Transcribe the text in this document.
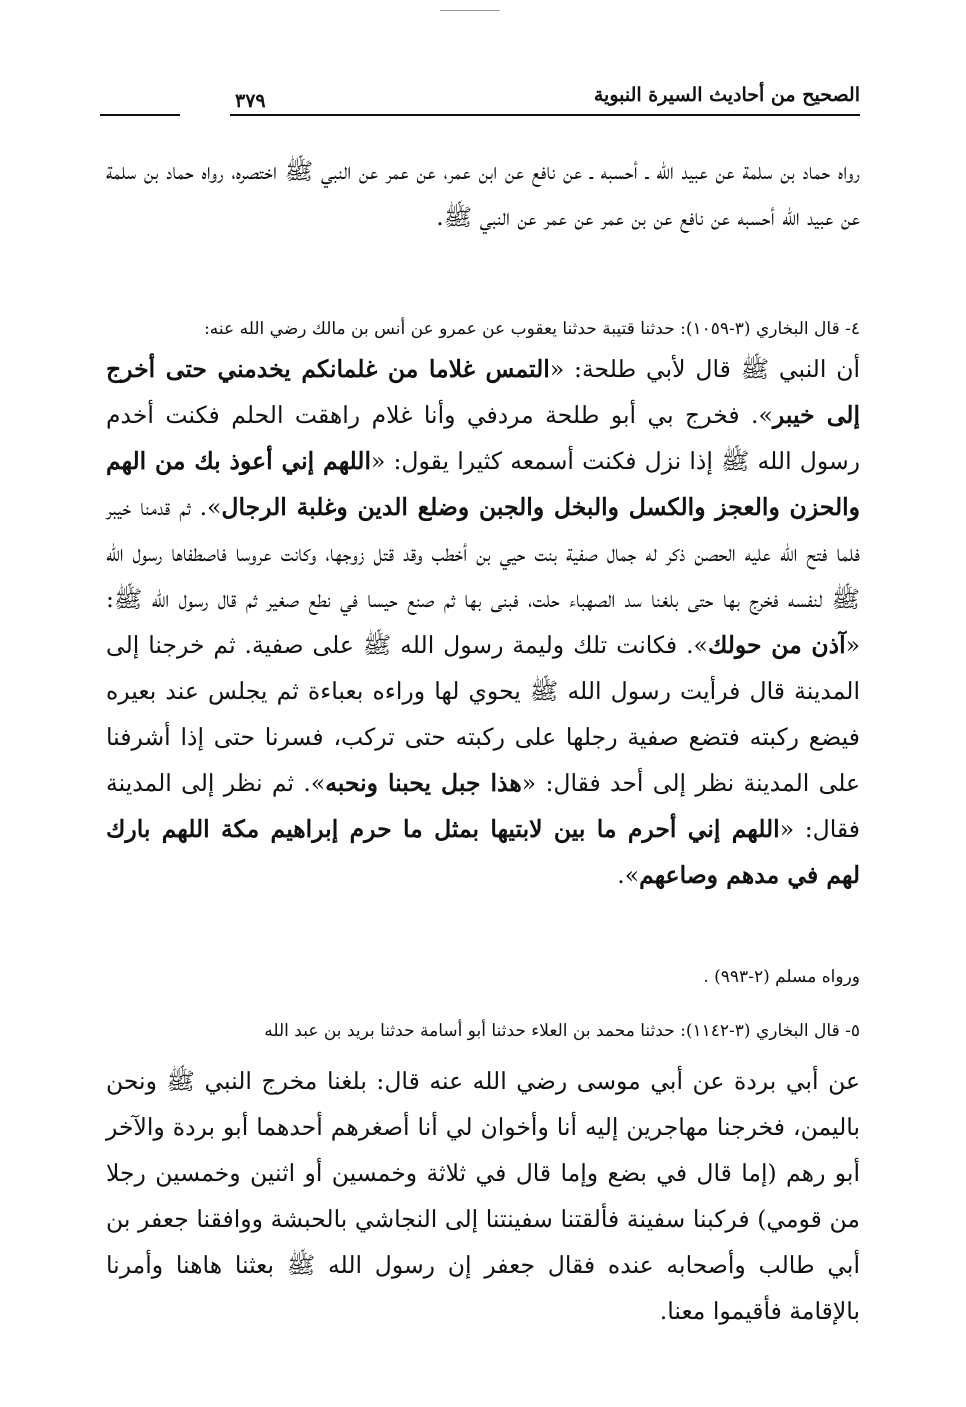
الصحيح من أحاديث السيرة النبوية
٣٧٩

رواه حماد بن سلمة عن عبيد الله ـ أحسبه ـ عن نافع عن ابن عمر، عن عمر عن النبي ﷺ اختصره، رواه حماد بن سلمة عن عبيد الله أحسبه عن نافع عن بن عمر عن عمر عن النبي ﷺ.

٤- قال البخاري (٣-١٠٥٩): حدثنا قتيبة حدثنا يعقوب عن عمرو عن أنس بن مالك رضي الله عنه:

أن النبي ﷺ قال لأبي طلحة: «التمس غلاما من غلمانكم يخدمني حتى أخرج إلى خيبر». فخرج بي أبو طلحة مردفي وأنا غلام راهقت الحلم فكنت أخدم رسول الله ﷺ إذا نزل فكنت أسمعه كثيرا يقول: «اللهم إني أعوذ بك من الهم والحزن والعجز والكسل والبخل والجبن وضلع الدين وغلبة الرجال». ثم قدمنا خيبر فلما فتح الله عليه الحصن ذكر له جمال صفية بنت حيي بن أخطب وقد قتل زوجها، وكانت عروسا فاصطفاها رسول الله ﷺ لنفسه فخرج بها حتى بلغنا سد الصهباء حلت، فبنى بها ثم صنع حيسا في نطع صغير ثم قال رسول الله ﷺ: «آذن من حولك». فكانت تلك وليمة رسول الله ﷺ على صفية. ثم خرجنا إلى المدينة قال فرأيت رسول الله ﷺ يحوي لها وراءه بعباءة ثم يجلس عند بعيره فيضع ركبته فتضع صفية رجلها على ركبته حتى تركب، فسرنا حتى إذا أشرفنا على المدينة نظر إلى أحد فقال: «هذا جبل يحبنا ونحبه». ثم نظر إلى المدينة فقال: «اللهم إني أحرم ما بين لابتيها بمثل ما حرم إبراهيم مكة اللهم بارك لهم في مدهم وصاعهم».

ورواه مسلم (٢-٩٩٣) .

٥- قال البخاري (٣-١١٤٢): حدثنا محمد بن العلاء حدثنا أبو أسامة حدثنا بريد بن عبد الله

عن أبي بردة عن أبي موسى رضي الله عنه قال: بلغنا مخرج النبي ﷺ ونحن باليمن، فخرجنا مهاجرين إليه أنا وأخوان لي أنا أصغرهم أحدهما أبو بردة والآخر أبو رهم (إما قال في بضع وإما قال في ثلاثة وخمسين أو اثنين وخمسين رجلا من قومي) فركبنا سفينة فألقتنا سفينتنا إلى النجاشي بالحبشة ووافقنا جعفر بن أبي طالب وأصحابه عنده فقال جعفر إن رسول الله ﷺ بعثنا هاهنا وأمرنا بالإقامة فأقيموا معنا.
